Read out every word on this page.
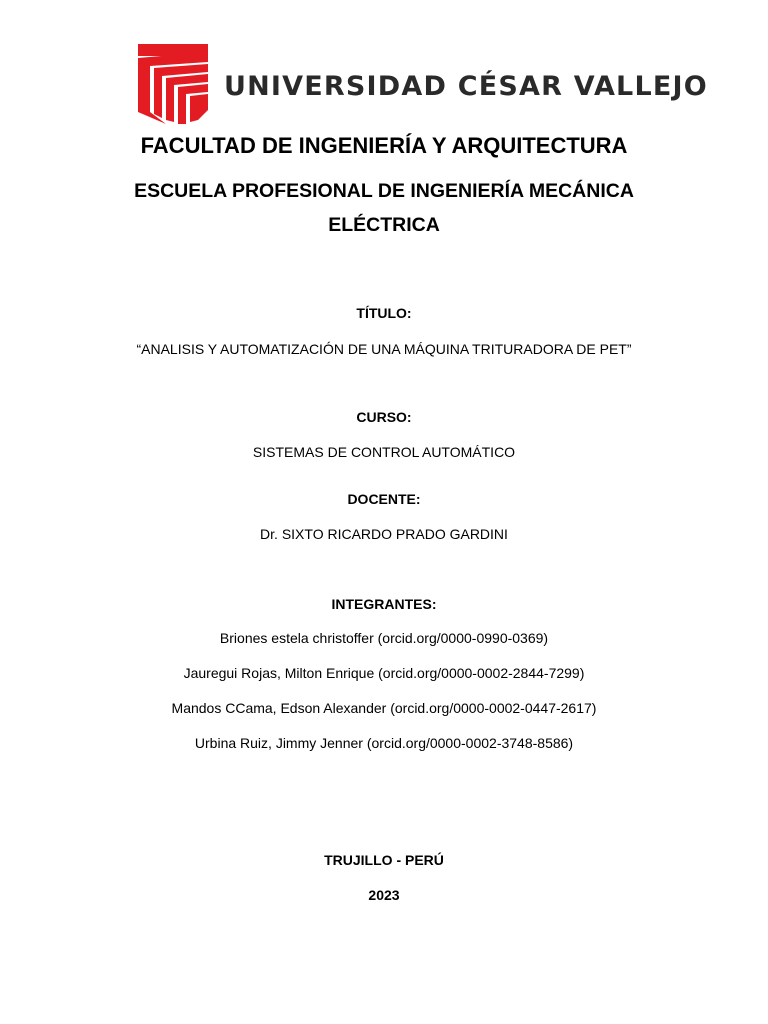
UNIVERSIDAD CÉSAR VALLEJO
FACULTAD DE INGENIERÍA Y ARQUITECTURA
ESCUELA PROFESIONAL DE INGENIERÍA MECÁNICA
ELÉCTRICA
TÍTULO:
“ANALISIS Y AUTOMATIZACIÓN DE UNA MÁQUINA TRITURADORA DE PET”
CURSO:
SISTEMAS DE CONTROL AUTOMÁTICO
DOCENTE:
Dr. SIXTO RICARDO PRADO GARDINI
INTEGRANTES:
Briones estela christoffer (orcid.org/0000-0990-0369)
Jauregui Rojas, Milton Enrique (orcid.org/0000-0002-2844-7299)
Mandos CCama, Edson Alexander (orcid.org/0000-0002-0447-2617)
Urbina Ruiz, Jimmy Jenner (orcid.org/0000-0002-3748-8586)
TRUJILLO - PERÚ
2023
